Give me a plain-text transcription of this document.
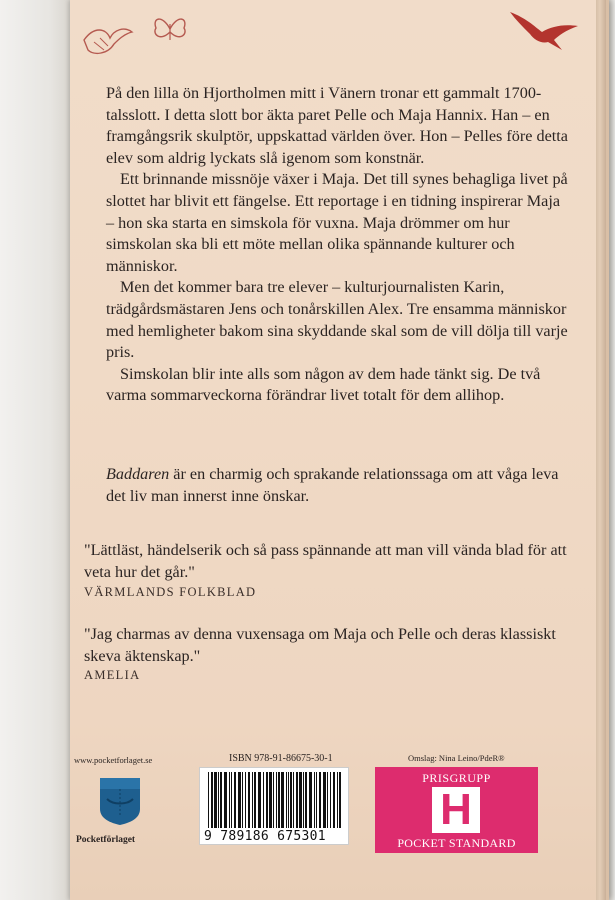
På den lilla ön Hjortholmen mitt i Vänern tronar ett gammalt 1700-talsslott. I detta slott bor äkta paret Pelle och Maja Hannix. Han – en framgångsrik skulptör, uppskattad världen över. Hon – Pelles före detta elev som aldrig lyckats slå igenom som konstnär.

Ett brinnande missnöje växer i Maja. Det till synes behagliga livet på slottet har blivit ett fängelse. Ett reportage i en tidning inspirerar Maja – hon ska starta en simskola för vuxna. Maja drömmer om hur simskolan ska bli ett möte mellan olika spännande kulturer och människor.

Men det kommer bara tre elever – kulturjournalisten Karin, trädgårdsmästaren Jens och tonårskillen Alex. Tre ensamma människor med hemligheter bakom sina skyddande skal som de vill dölja till varje pris.

Simskolan blir inte alls som någon av dem hade tänkt sig. De två varma sommarveckorna förändrar livet totalt för dem allihop.

Baddaren är en charmig och sprakande relationssaga om att våga leva det liv man innerst inne önskar.

"Lättläst, händelserik och så pass spännande att man vill vända blad för att veta hur det går."

VÄRMLANDS FOLKBLAD

"Jag charmas av denna vuxensaga om Maja och Pelle och deras klassiskt skeva äktenskap."

AMELIA

www.pocketforlaget.se	ISBN 978-91-86675-30-1	Omslag: Nina Leino/PdeR®
Pocketförlaget	9 789186 675301
PRISGRUPP
H
POCKET STANDARD
